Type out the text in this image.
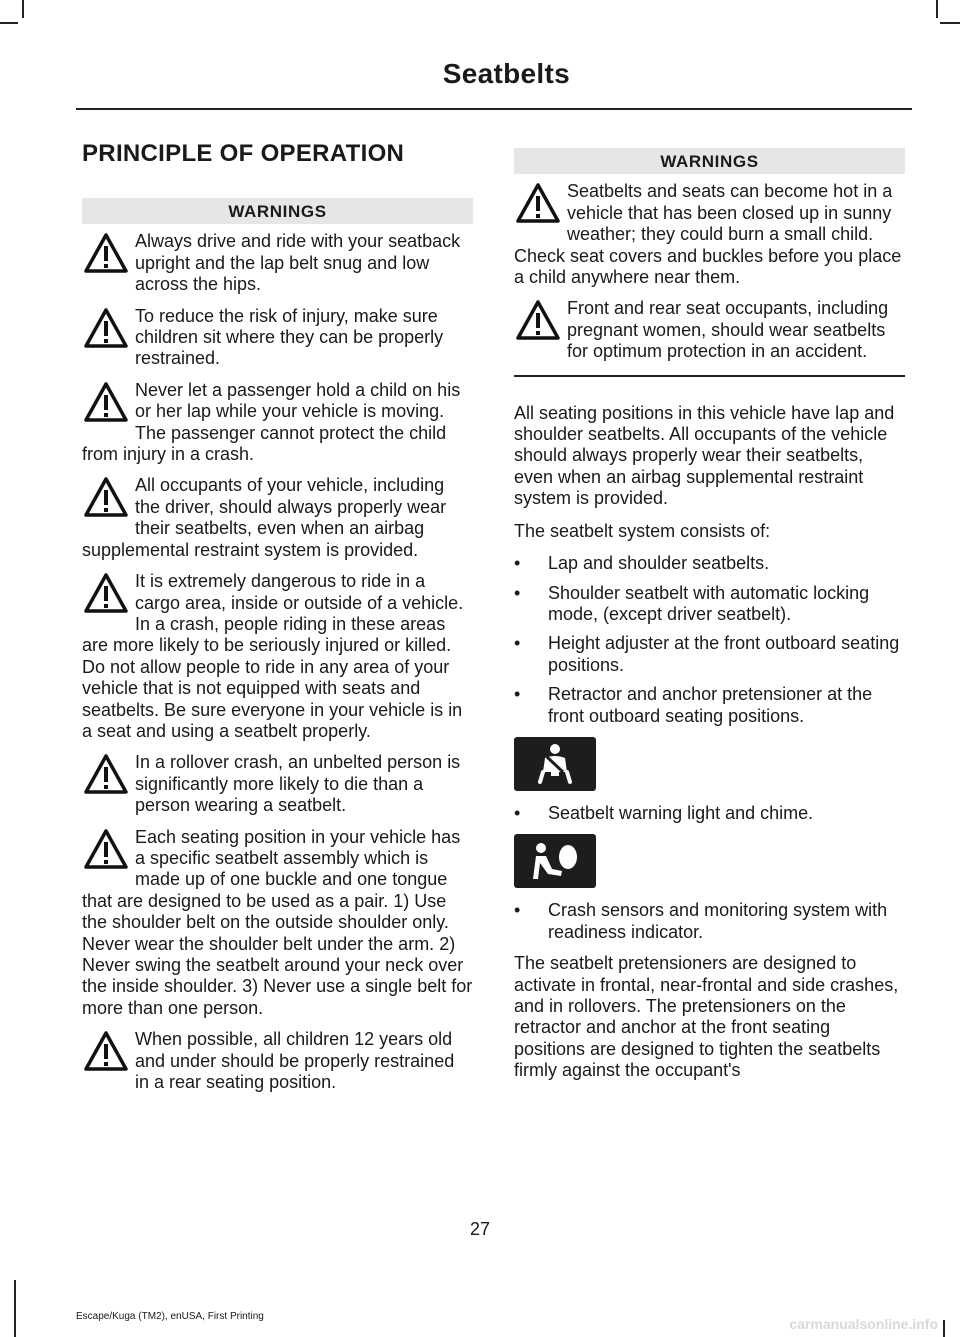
Seatbelts
PRINCIPLE OF OPERATION
WARNINGS

Always drive and ride with your seatback upright and the lap belt snug and low across the hips.

To reduce the risk of injury, make sure children sit where they can be properly restrained.

Never let a passenger hold a child on his or her lap while your vehicle is moving. The passenger cannot protect the child from injury in a crash.

All occupants of your vehicle, including the driver, should always properly wear their seatbelts, even when an airbag supplemental restraint system is provided.

It is extremely dangerous to ride in a cargo area, inside or outside of a vehicle. In a crash, people riding in these areas are more likely to be seriously injured or killed. Do not allow people to ride in any area of your vehicle that is not equipped with seats and seatbelts. Be sure everyone in your vehicle is in a seat and using a seatbelt properly.

In a rollover crash, an unbelted person is significantly more likely to die than a person wearing a seatbelt.

Each seating position in your vehicle has a specific seatbelt assembly which is made up of one buckle and one tongue that are designed to be used as a pair. 1) Use the shoulder belt on the outside shoulder only. Never wear the shoulder belt under the arm. 2) Never swing the seatbelt around your neck over the inside shoulder. 3) Never use a single belt for more than one person.

When possible, all children 12 years old and under should be properly restrained in a rear seating position.

WARNINGS

Seatbelts and seats can become hot in a vehicle that has been closed up in sunny weather; they could burn a small child. Check seat covers and buckles before you place a child anywhere near them.

Front and rear seat occupants, including pregnant women, should wear seatbelts for optimum protection in an accident.

All seating positions in this vehicle have lap and shoulder seatbelts. All occupants of the vehicle should always properly wear their seatbelts, even when an airbag supplemental restraint system is provided.

The seatbelt system consists of:

• Lap and shoulder seatbelts.
• Shoulder seatbelt with automatic locking mode, (except driver seatbelt).
• Height adjuster at the front outboard seating positions.
• Retractor and anchor pretensioner at the front outboard seating positions.
• Seatbelt warning light and chime.
• Crash sensors and monitoring system with readiness indicator.

The seatbelt pretensioners are designed to activate in frontal, near-frontal and side crashes, and in rollovers. The pretensioners on the retractor and anchor at the front seating positions are designed to tighten the seatbelts firmly against the occupant's

27
Escape/Kuga (TM2), enUSA, First Printing	carmanualsonline.info
